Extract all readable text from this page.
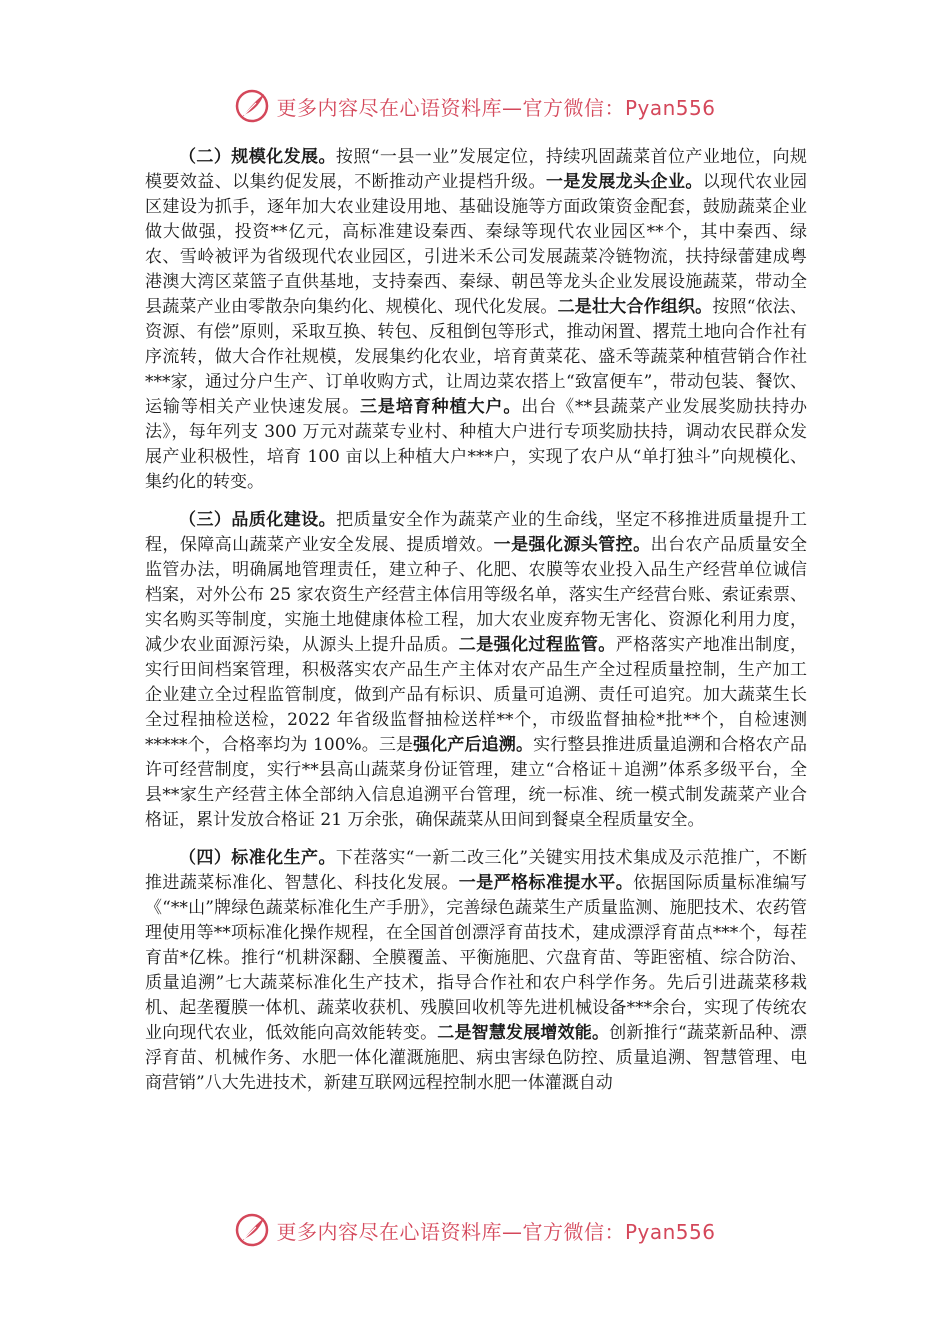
更多内容尽在心语资料库—官方微信：Pyan556

（二）规模化发展。按照“一县一业”发展定位，持续巩固蔬菜首位产业地位，向规模要效益、以集约促发展，不断推动产业提档升级。一是发展龙头企业。以现代农业园区建设为抓手，逐年加大农业建设用地、基础设施等方面政策资金配套，鼓励蔬菜企业做大做强，投资**亿元，高标准建设秦西、秦绿等现代农业园区**个，其中秦西、绿农、雪岭被评为省级现代农业园区，引进米禾公司发展蔬菜冷链物流，扶持绿蕾建成粤港澳大湾区菜篮子直供基地，支持秦西、秦绿、朝邑等龙头企业发展设施蔬菜，带动全县蔬菜产业由零散杂向集约化、规模化、现代化发展。二是壮大合作组织。按照“依法、资源、有偿”原则，采取互换、转包、反租倒包等形式，推动闲置、撂荒土地向合作社有序流转，做大合作社规模，发展集约化农业，培育黄菜花、盛禾等蔬菜种植营销合作社***家，通过分户生产、订单收购方式，让周边菜农搭上“致富便车”，带动包装、餐饮、运输等相关产业快速发展。三是培育种植大户。出台《**县蔬菜产业发展奖励扶持办法》，每年列支 300 万元对蔬菜专业村、种植大户进行专项奖励扶持，调动农民群众发展产业积极性，培育 100 亩以上种植大户***户，实现了农户从“单打独斗”向规模化、集约化的转变。

（三）品质化建设。把质量安全作为蔬菜产业的生命线，坚定不移推进质量提升工程，保障高山蔬菜产业安全发展、提质增效。一是强化源头管控。出台农产品质量安全监管办法，明确属地管理责任，建立种子、化肥、农膜等农业投入品生产经营单位诚信档案，对外公布 25 家农资生产经营主体信用等级名单，落实生产经营台账、索证索票、实名购买等制度，实施土地健康体检工程，加大农业废弃物无害化、资源化利用力度，减少农业面源污染，从源头上提升品质。二是强化过程监管。严格落实产地准出制度，实行田间档案管理，积极落实农产品生产主体对农产品生产全过程质量控制，生产加工企业建立全过程监管制度，做到产品有标识、质量可追溯、责任可追究。加大蔬菜生长全过程抽检送检，2022 年省级监督抽检送样**个，市级监督抽检*批**个，自检速测*****个，合格率均为 100%。三是强化产后追溯。实行整县推进质量追溯和合格农产品许可经营制度，实行**县高山蔬菜身份证管理，建立“合格证＋追溯”体系多级平台，全县**家生产经营主体全部纳入信息追溯平台管理，统一标准、统一模式制发蔬菜产业合格证，累计发放合格证 21 万余张，确保蔬菜从田间到餐桌全程质量安全。

（四）标准化生产。下茬落实“一新二改三化”关键实用技术集成及示范推广，不断推进蔬菜标准化、智慧化、科技化发展。一是严格标准提水平。依据国际质量标准编写《“**山”牌绿色蔬菜标准化生产手册》，完善绿色蔬菜生产质量监测、施肥技术、农药管理使用等**项标准化操作规程，在全国首创漂浮育苗技术，建成漂浮育苗点***个，每茬育苗*亿株。推行“机耕深翻、全膜覆盖、平衡施肥、穴盘育苗、等距密植、综合防治、质量追溯”七大蔬菜标准化生产技术，指导合作社和农户科学作务。先后引进蔬菜移栽机、起垄覆膜一体机、蔬菜收获机、残膜回收机等先进机械设备***余台，实现了传统农业向现代农业，低效能向高效能转变。二是智慧发展增效能。创新推行“蔬菜新品种、漂浮育苗、机械作务、水肥一体化灌溉施肥、病虫害绿色防控、质量追溯、智慧管理、电商营销”八大先进技术，新建互联网远程控制水肥一体灌溉自动

更多内容尽在心语资料库—官方微信：Pyan556
